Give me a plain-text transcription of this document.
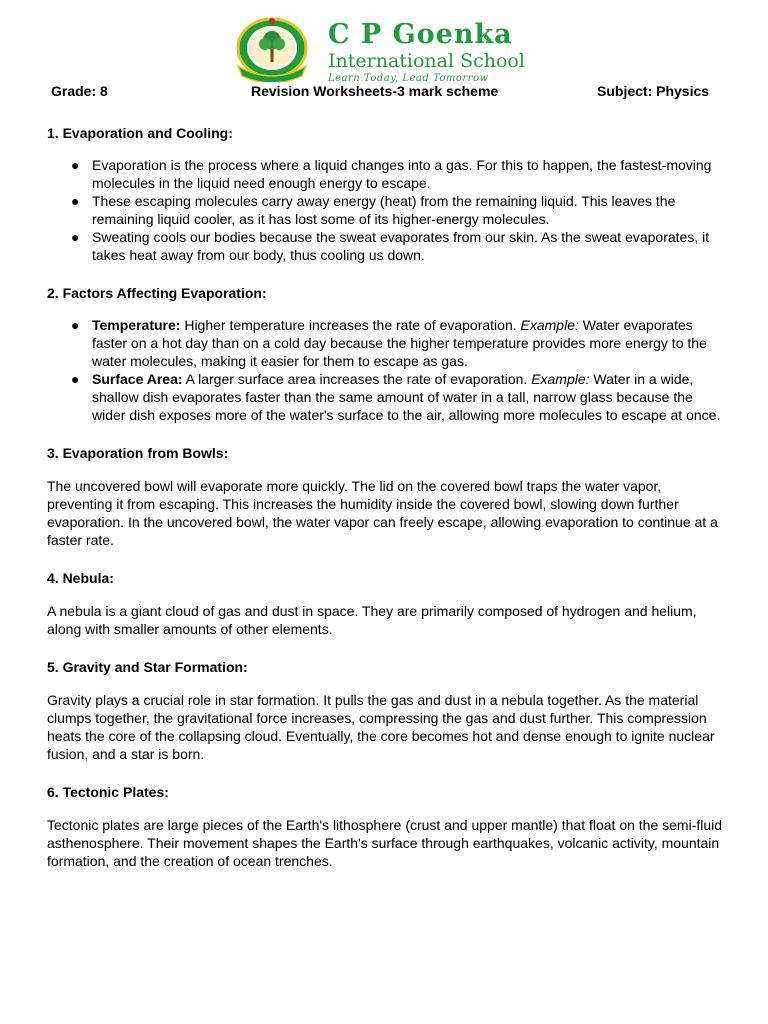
C P Goenka
International School
Learn Today, Lead Tomorrow
Grade: 8	Revision Worksheets-3 mark scheme	Subject: Physics

1. Evaporation and Cooling:

● Evaporation is the process where a liquid changes into a gas. For this to happen, the fastest-moving molecules in the liquid need enough energy to escape.
● These escaping molecules carry away energy (heat) from the remaining liquid. This leaves the remaining liquid cooler, as it has lost some of its higher-energy molecules.
● Sweating cools our bodies because the sweat evaporates from our skin. As the sweat evaporates, it takes heat away from our body, thus cooling us down.

2. Factors Affecting Evaporation:

● Temperature: Higher temperature increases the rate of evaporation. Example: Water evaporates faster on a hot day than on a cold day because the higher temperature provides more energy to the water molecules, making it easier for them to escape as gas.
● Surface Area: A larger surface area increases the rate of evaporation. Example: Water in a wide, shallow dish evaporates faster than the same amount of water in a tall, narrow glass because the wider dish exposes more of the water's surface to the air, allowing more molecules to escape at once.

3. Evaporation from Bowls:

The uncovered bowl will evaporate more quickly. The lid on the covered bowl traps the water vapor, preventing it from escaping. This increases the humidity inside the covered bowl, slowing down further evaporation. In the uncovered bowl, the water vapor can freely escape, allowing evaporation to continue at a faster rate.

4. Nebula:

A nebula is a giant cloud of gas and dust in space. They are primarily composed of hydrogen and helium, along with smaller amounts of other elements.

5. Gravity and Star Formation:

Gravity plays a crucial role in star formation. It pulls the gas and dust in a nebula together. As the material clumps together, the gravitational force increases, compressing the gas and dust further. This compression heats the core of the collapsing cloud. Eventually, the core becomes hot and dense enough to ignite nuclear fusion, and a star is born.

6. Tectonic Plates:

Tectonic plates are large pieces of the Earth's lithosphere (crust and upper mantle) that float on the semi-fluid asthenosphere. Their movement shapes the Earth's surface through earthquakes, volcanic activity, mountain formation, and the creation of ocean trenches.
